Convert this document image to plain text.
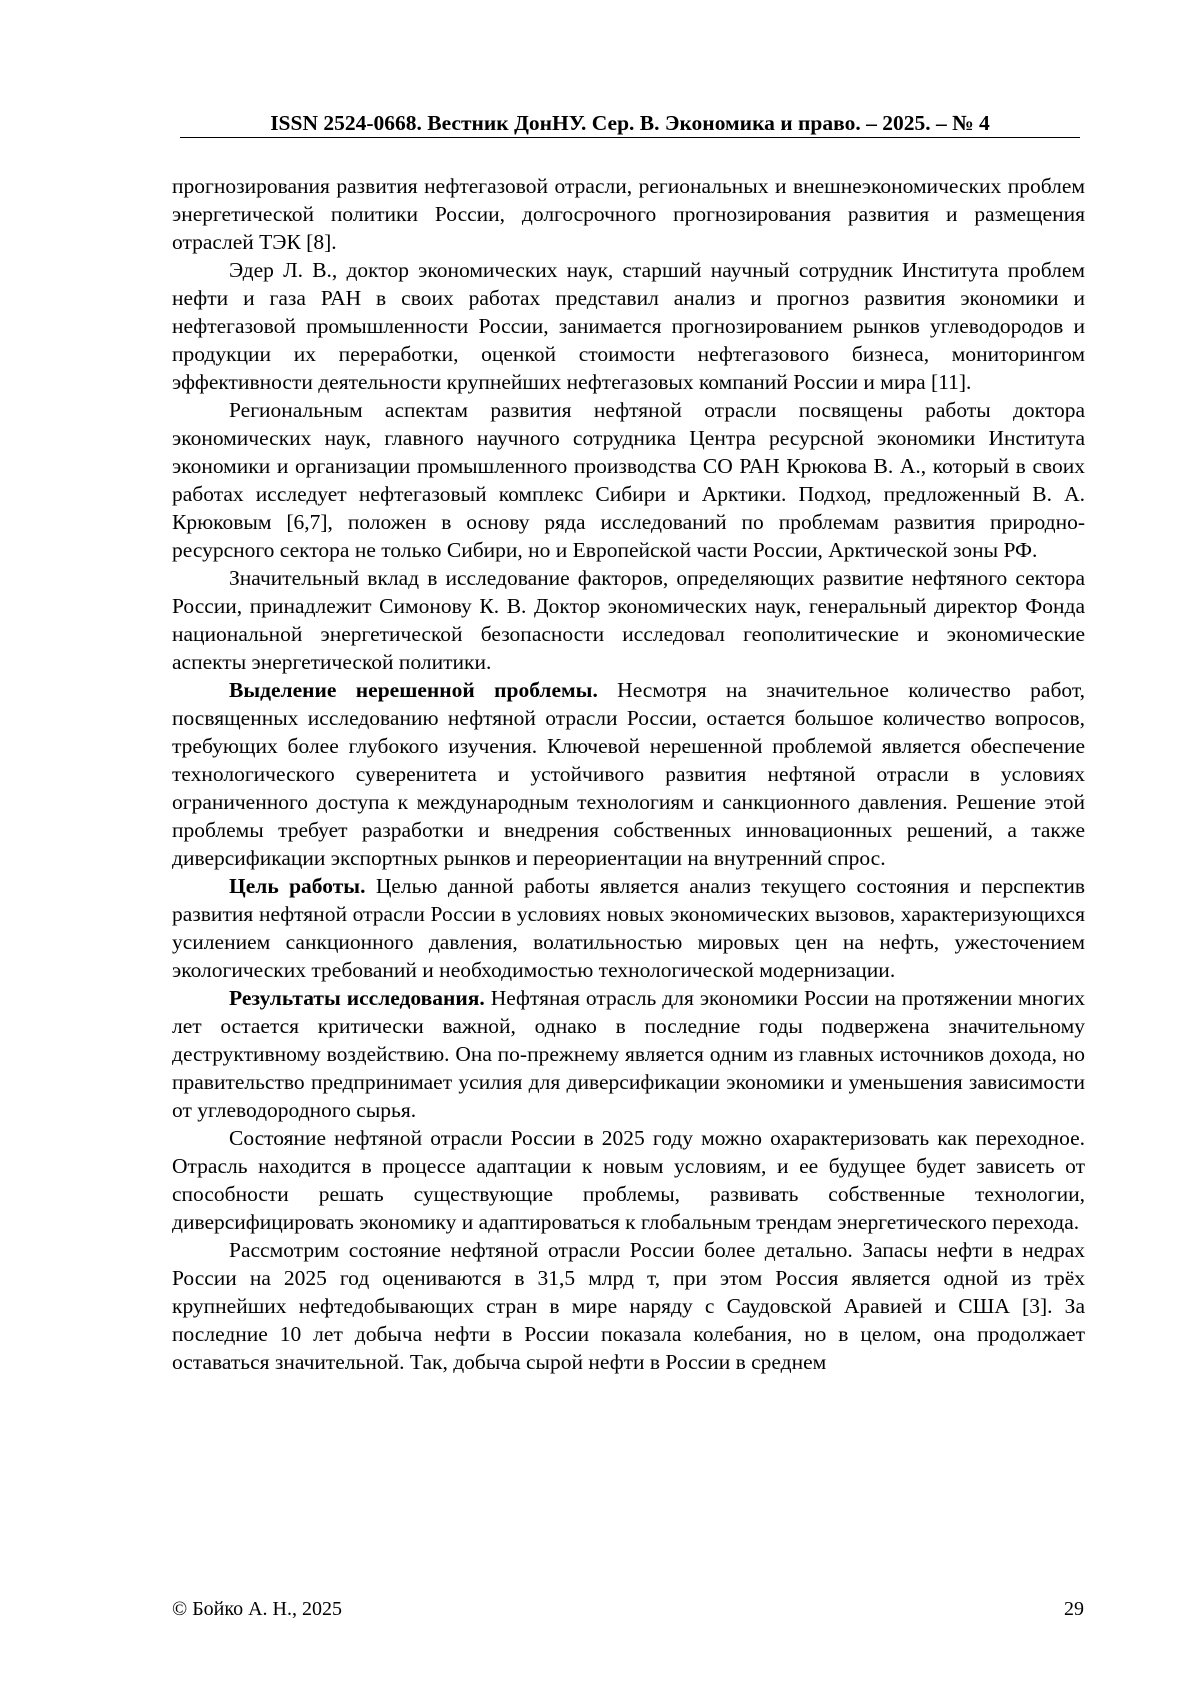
ISSN 2524-0668. Вестник ДонНУ. Сер. В. Экономика и право. – 2025. – № 4

прогнозирования развития нефтегазовой отрасли, региональных и внешнеэкономических проблем энергетической политики России, долгосрочного прогнозирования развития и размещения отраслей ТЭК [8].

Эдер Л. В., доктор экономических наук, старший научный сотрудник Института проблем нефти и газа РАН в своих работах представил анализ и прогноз развития экономики и нефтегазовой промышленности России, занимается прогнозированием рынков углеводородов и продукции их переработки, оценкой стоимости нефтегазового бизнеса, мониторингом эффективности деятельности крупнейших нефтегазовых компаний России и мира [11].

Региональным аспектам развития нефтяной отрасли посвящены работы доктора экономических наук, главного научного сотрудника Центра ресурсной экономики Института экономики и организации промышленного производства СО РАН Крюкова В. А., который в своих работах исследует нефтегазовый комплекс Сибири и Арктики. Подход, предложенный В. А. Крюковым [6,7], положен в основу ряда исследований по проблемам развития природно-ресурсного сектора не только Сибири, но и Европейской части России, Арктической зоны РФ.

Значительный вклад в исследование факторов, определяющих развитие нефтяного сектора России, принадлежит Симонову К. В. Доктор экономических наук, генеральный директор Фонда национальной энергетической безопасности исследовал геополитические и экономические аспекты энергетической политики.

Выделение нерешенной проблемы. Несмотря на значительное количество работ, посвященных исследованию нефтяной отрасли России, остается большое количество вопросов, требующих более глубокого изучения. Ключевой нерешенной проблемой является обеспечение технологического суверенитета и устойчивого развития нефтяной отрасли в условиях ограниченного доступа к международным технологиям и санкционного давления. Решение этой проблемы требует разработки и внедрения собственных инновационных решений, а также диверсификации экспортных рынков и переориентации на внутренний спрос.

Цель работы. Целью данной работы является анализ текущего состояния и перспектив развития нефтяной отрасли России в условиях новых экономических вызовов, характеризующихся усилением санкционного давления, волатильностью мировых цен на нефть, ужесточением экологических требований и необходимостью технологической модернизации.

Результаты исследования. Нефтяная отрасль для экономики России на протяжении многих лет остается критически важной, однако в последние годы подвержена значительному деструктивному воздействию. Она по-прежнему является одним из главных источников дохода, но правительство предпринимает усилия для диверсификации экономики и уменьшения зависимости от углеводородного сырья.

Состояние нефтяной отрасли России в 2025 году можно охарактеризовать как переходное. Отрасль находится в процессе адаптации к новым условиям, и ее будущее будет зависеть от способности решать существующие проблемы, развивать собственные технологии, диверсифицировать экономику и адаптироваться к глобальным трендам энергетического перехода.

Рассмотрим состояние нефтяной отрасли России более детально. Запасы нефти в недрах России на 2025 год оцениваются в 31,5 млрд т, при этом Россия является одной из трёх крупнейших нефтедобывающих стран в мире наряду с Саудовской Аравией и США [3]. За последние 10 лет добыча нефти в России показала колебания, но в целом, она продолжает оставаться значительной. Так, добыча сырой нефти в России в среднем

© Бойко А. Н., 2025	29
